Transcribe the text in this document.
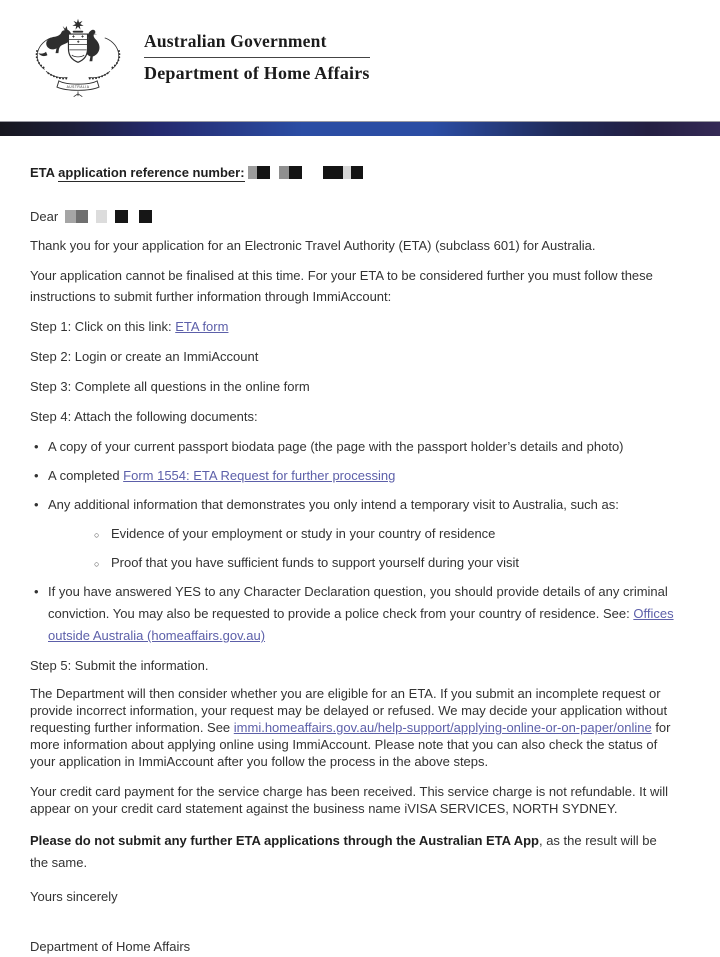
AUSTRALIA
Australian Government
Department of Home Affairs

ETA application reference number:

Dear

Thank you for your application for an Electronic Travel Authority (ETA) (subclass 601) for Australia.

Your application cannot be finalised at this time. For your ETA to be considered further you must follow these instructions to submit further information through ImmiAccount:

Step 1: Click on this link: ETA form

Step 2: Login or create an ImmiAccount

Step 3: Complete all questions in the online form

Step 4: Attach the following documents:

• A copy of your current passport biodata page (the page with the passport holder’s details and photo)
• A completed Form 1554: ETA Request for further processing
• Any additional information that demonstrates you only intend a temporary visit to Australia, such as:
○ Evidence of your employment or study in your country of residence
○ Proof that you have sufficient funds to support yourself during your visit
• If you have answered YES to any Character Declaration question, you should provide details of any criminal conviction. You may also be requested to provide a police check from your country of residence. See: Offices outside Australia (homeaffairs.gov.au)

Step 5: Submit the information.

The Department will then consider whether you are eligible for an ETA. If you submit an incomplete request or provide incorrect information, your request may be delayed or refused. We may decide your application without requesting further information. See immi.homeaffairs.gov.au/help-support/applying-online-or-on-paper/online for more information about applying online using ImmiAccount. Please note that you can also check the status of your application in ImmiAccount after you follow the process in the above steps.

Your credit card payment for the service charge has been received. This service charge is not refundable. It will appear on your credit card statement against the business name iVISA SERVICES, NORTH SYDNEY.

Please do not submit any further ETA applications through the Australian ETA App, as the result will be the same.

Yours sincerely

Department of Home Affairs
